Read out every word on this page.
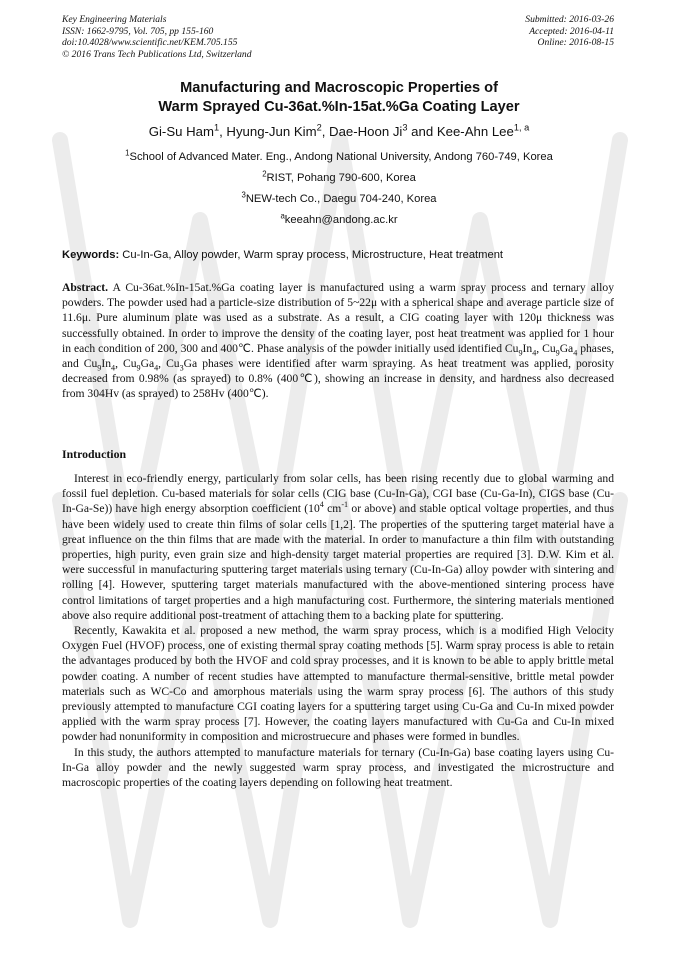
Key Engineering Materials
ISSN: 1662-9795, Vol. 705, pp 155-160
doi:10.4028/www.scientific.net/KEM.705.155
© 2016 Trans Tech Publications Ltd, Switzerland
Submitted: 2016-03-26
Accepted: 2016-04-11
Online: 2016-08-15
Manufacturing and Macroscopic Properties of
Warm Sprayed Cu-36at.%In-15at.%Ga Coating Layer
Gi-Su Ham$^1$, Hyung-Jun Kim$^2$, Dae-Hoon Ji$^3$ and Kee-Ahn Lee$^{1, a}$
$^1$School of Advanced Mater. Eng., Andong National University, Andong 760-749, Korea
$^2$RIST, Pohang 790-600, Korea
$^3$NEW-tech Co., Daegu 704-240, Korea
$^a$keeahn@andong.ac.kr
Keywords: Cu-In-Ga, Alloy powder, Warm spray process, Microstructure, Heat treatment

Abstract. A Cu-36at.%In-15at.%Ga coating layer is manufactured using a warm spray process and ternary alloy powders. The powder used had a particle-size distribution of 5~22μ with a spherical shape and average particle size of 11.6μ. Pure aluminum plate was used as a substrate. As a result, a CIG coating layer with 120μ thickness was successfully obtained. In order to improve the density of the coating layer, post heat treatment was applied for 1 hour in each condition of 200, 300 and 400℃. Phase analysis of the powder initially used identified $Cu_9In_4$, $Cu_9Ga_4$ phases, and $Cu_9In_4$, $Cu_9Ga_4$, $Cu_3Ga$ phases were identified after warm spraying. As heat treatment was applied, porosity decreased from 0.98% (as sprayed) to 0.8% (400℃), showing an increase in density, and hardness also decreased from 304Hv (as sprayed) to 258Hv (400℃).

Introduction

Interest in eco-friendly energy, particularly from solar cells, has been rising recently due to global warming and fossil fuel depletion. Cu-based materials for solar cells (CIG base (Cu-In-Ga), CGI base (Cu-Ga-In), CIGS base (Cu-In-Ga-Se)) have high energy absorption coefficient ($10^4$ $cm^{-1}$ or above) and stable optical voltage properties, and thus have been widely used to create thin films of solar cells [1,2]. The properties of the sputtering target material have a great influence on the thin films that are made with the material. In order to manufacture a thin film with outstanding properties, high purity, even grain size and high-density target material properties are required [3]. D.W. Kim et al. were successful in manufacturing sputtering target materials using ternary (Cu-In-Ga) alloy powder with sintering and rolling [4]. However, sputtering target materials manufactured with the above-mentioned sintering process have control limitations of target properties and a high manufacturing cost. Furthermore, the sintering materials mentioned above also require additional post-treatment of attaching them to a backing plate for sputtering.

Recently, Kawakita et al. proposed a new method, the warm spray process, which is a modified High Velocity Oxygen Fuel (HVOF) process, one of existing thermal spray coating methods [5]. Warm spray process is able to retain the advantages produced by both the HVOF and cold spray processes, and it is known to be able to apply brittle metal powder coating. A number of recent studies have attempted to manufacture thermal-sensitive, brittle metal powder materials such as WC-Co and amorphous materials using the warm spray process [6]. The authors of this study previously attempted to manufacture CGI coating layers for a sputtering target using Cu-Ga and Cu-In mixed powder applied with the warm spray process [7]. However, the coating layers manufactured with Cu-Ga and Cu-In mixed powder had nonuniformity in composition and microstruecure and phases were formed in bundles.

In this study, the authors attempted to manufacture materials for ternary (Cu-In-Ga) base coating layers using Cu-In-Ga alloy powder and the newly suggested warm spray process, and investigated the microstructure and macroscopic properties of the coating layers depending on following heat treatment.
